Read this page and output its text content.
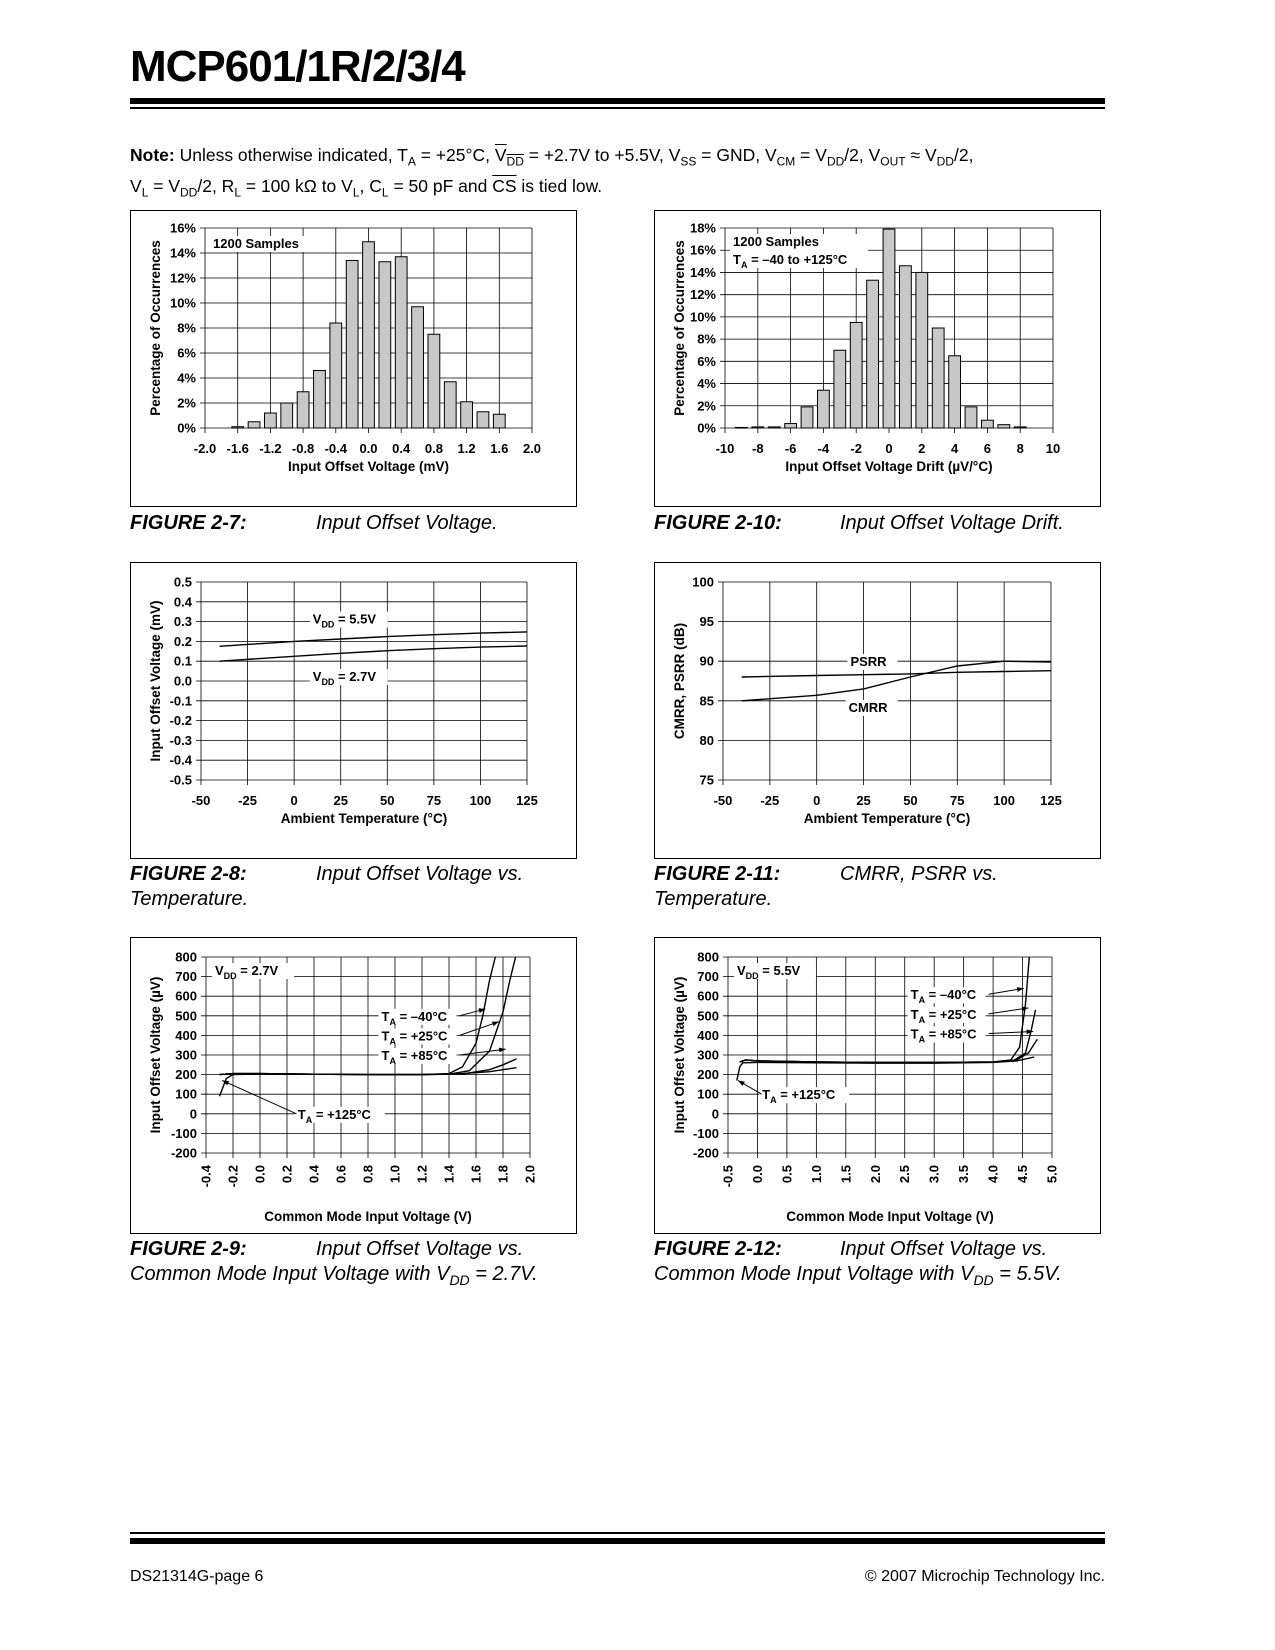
MCP601/1R/2/3/4
Note: Unless otherwise indicated, $T_A = +25^\circ C$, $\overline{V}_{\overline{DD}} = +2.7V$ to +5.5V, $V_{SS}$ = GND, $V_{CM} = V_{DD}/2$, $V_{OUT} \approx V_{DD}/2$,
$V_L = V_{DD}/2$, $R_L = 100$ kΩ to $V_L$, $C_L = 50$ pF and $\overline{CS}$ is tied low.
0%
2%
4%
6%
8%
10%
12%
14%
16%
-2.0 -1.6 -1.2 -0.8 -0.4 0.0 0.4 0.8 1.2 1.6 2.0
Input Offset Voltage (mV)
Percentage of Occurrences	1200 Samples
0%
2%
4%
6%
8%
10%
12%
14%
16%
18%
-10 -8 -6 -4 -2 0 2 4 6 8 10
Input Offset Voltage Drift (µV/°C)
Percentage of Occurrences	1200 Samples
$T_A = -40$ to +125°C
-0.5
-0.4
-0.3
-0.2
-0.1
0.0
0.1
0.2
0.3
0.4
0.5
-50 -25	0	25 50 75 100 125
Ambient Temperature (°C)
Input Offset Voltage (mV)	$V_{DD} = 5.5V$
$V_{DD} = 2.7V$
75
80
85
90
95
100
-50 -25	0	25 50 75 100 125
Ambient Temperature (°C)
CMRR, PSRR (dB)	PSRR
CMRR
-200
-100
0
100
200
300
400
500
600
700
800
-0.4 -0.2 0.0 0.2 0.4 0.6 0.8 1.0 1.2 1.4 1.6 1.8 2.0
Common Mode Input Voltage (V)
Input Offset Voltage (µV)
$V_{DD} = 2.7V$
$T_A = -40^\circ C$
$T_A = +25^\circ C$
$T_A = +85^\circ C$
$T_A = +125^\circ C$
-200
-100
0
100
200
300
400
500
600
700
800
-0.5 0.0 0.5 1.0 1.5 2.0 2.5 3.0 3.5 4.0 4.5 5.0
Common Mode Input Voltage (V)
Input Offset Voltage (µV)
$V_{DD} = 5.5V$
$T_A = -40^\circ C$
$T_A = +25^\circ C$
$T_A = +85^\circ C$
$T_A = +125^\circ C$
FIGURE 2-7:	Input Offset Voltage.	FIGURE 2-10:	Input Offset Voltage Drift.
FIGURE 2-8:	Input Offset Voltage vs.
Temperature.
FIGURE 2-11:	CMRR, PSRR vs.
Temperature.
FIGURE 2-9:	Input Offset Voltage vs.
Common Mode Input Voltage with $V_{DD} = 2.7V$.
FIGURE 2-12:	Input Offset Voltage vs.
Common Mode Input Voltage with $V_{DD} = 5.5V$.
DS21314G-page 6	© 2007 Microchip Technology Inc.
